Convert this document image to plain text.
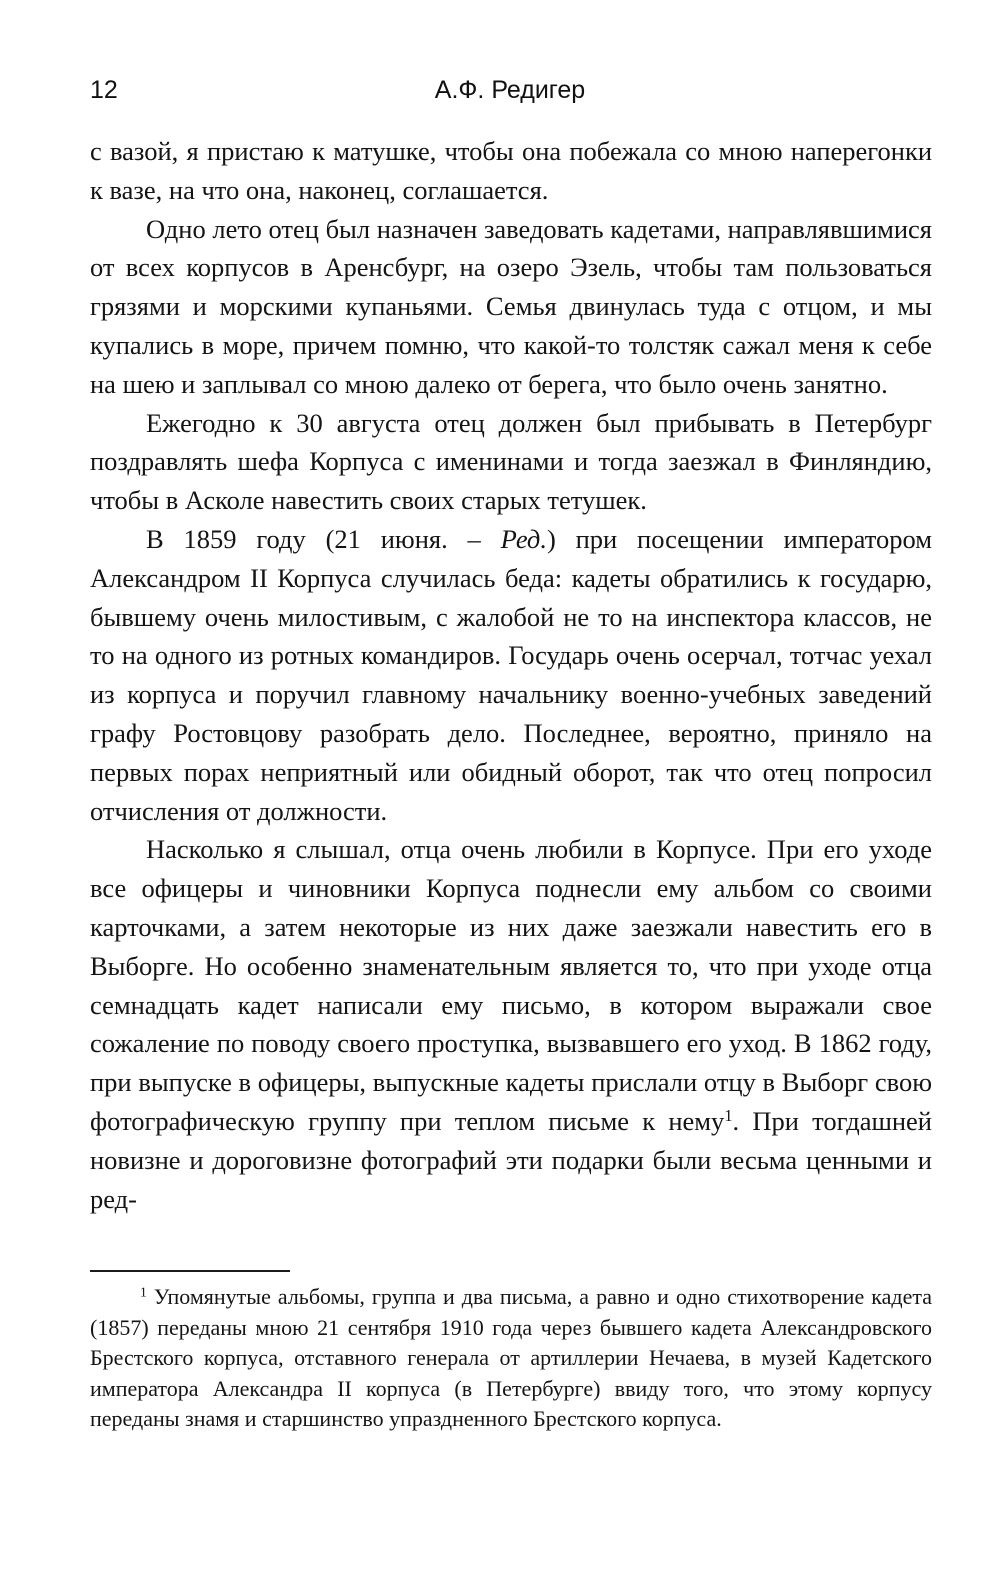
12	А.Ф. Редигер

с вазой, я пристаю к матушке, чтобы она побежала со мною наперегонки к вазе, на что она, наконец, соглашается.

Одно лето отец был назначен заведовать кадетами, направлявшимися от всех корпусов в Аренсбург, на озеро Эзель, чтобы там пользоваться грязями и морскими купаньями. Семья двинулась туда с отцом, и мы купались в море, причем помню, что какой-то толстяк сажал меня к себе на шею и заплывал со мною далеко от берега, что было очень занятно.

Ежегодно к 30 августа отец должен был прибывать в Петербург поздравлять шефа Корпуса с именинами и тогда заезжал в Финляндию, чтобы в Асколе навестить своих старых тетушек.

В 1859 году (21 июня. – Ред.) при посещении императором Александром II Корпуса случилась беда: кадеты обратились к государю, бывшему очень милостивым, с жалобой не то на инспектора классов, не то на одного из ротных командиров. Государь очень осерчал, тотчас уехал из корпуса и поручил главному начальнику военно-учебных заведений графу Ростовцову разобрать дело. Последнее, вероятно, приняло на первых порах неприятный или обидный оборот, так что отец попросил отчисления от должности.

Насколько я слышал, отца очень любили в Корпусе. При его уходе все офицеры и чиновники Корпуса поднесли ему альбом со своими карточками, а затем некоторые из них даже заезжали навестить его в Выборге. Но особенно знаменательным является то, что при уходе отца семнадцать кадет написали ему письмо, в котором выражали свое сожаление по поводу своего проступка, вызвавшего его уход. В 1862 году, при выпуске в офицеры, выпускные кадеты прислали отцу в Выборг свою фотографическую группу при теплом письме к нему$^1$. При тогдашней новизне и дороговизне фотографий эти подарки были весьма ценными и ред-

$^1$ Упомянутые альбомы, группа и два письма, а равно и одно стихотворение кадета (1857) переданы мною 21 сентября 1910 года через бывшего кадета Александровского Брестского корпуса, отставного генерала от артиллерии Нечаева, в музей Кадетского императора Александра II корпуса (в Петербурге) ввиду того, что этому корпусу переданы знамя и старшинство упраздненного Брестского корпуса.
